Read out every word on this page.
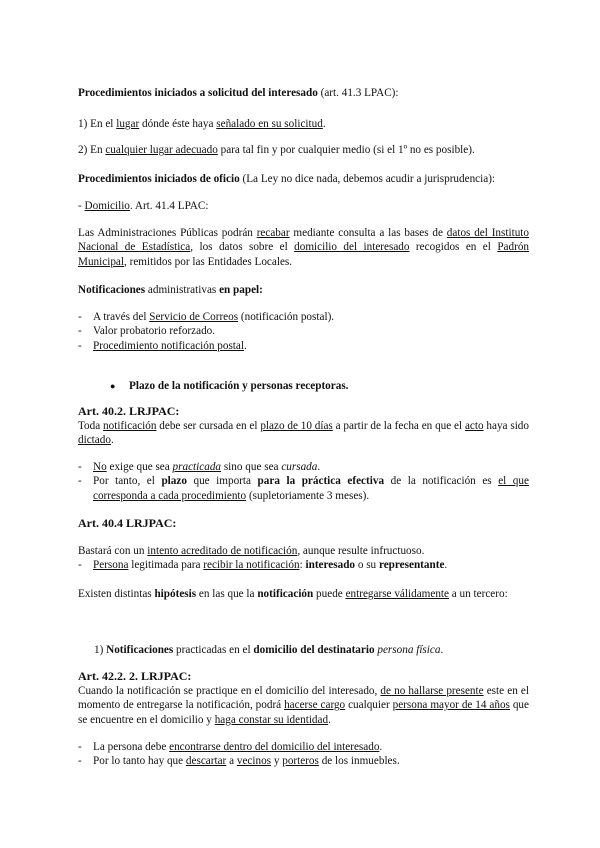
Procedimientos iniciados a solicitud del interesado (art. 41.3 LPAC):
1) En el lugar dónde éste haya señalado en su solicitud.
2) En cualquier lugar adecuado para tal fin y por cualquier medio (si el 1º no es posible).
Procedimientos iniciados de oficio (La Ley no dice nada, debemos acudir a jurisprudencia):
- Domicilio. Art. 41.4 LPAC:
Las Administraciones Públicas podrán recabar mediante consulta a las bases de datos del Instituto Nacional de Estadística, los datos sobre el domicilio del interesado recogidos en el Padrón Municipal, remitidos por las Entidades Locales.
Notificaciones administrativas en papel:
- A través del Servicio de Correos (notificación postal).
- Valor probatorio reforzado.
- Procedimiento notificación postal.
● Plazo de la notificación y personas receptoras.
Art. 40.2. LRJPAC:
Toda notificación debe ser cursada en el plazo de 10 días a partir de la fecha en que el acto haya sido dictado.
- No exige que sea practicada sino que sea cursada.
- Por tanto, el plazo que importa para la práctica efectiva de la notificación es el que corresponda a cada procedimiento (supletoriamente 3 meses).
Art. 40.4 LRJPAC:
Bastará con un intento acreditado de notificación, aunque resulte infructuoso.
- Persona legitimada para recibir la notificación: interesado o su representante.
Existen distintas hipótesis en las que la notificación puede entregarse válidamente a un tercero:
1) Notificaciones practicadas en el domicilio del destinatario persona física.
Art. 42.2. 2. LRJPAC:
Cuando la notificación se practique en el domicilio del interesado, de no hallarse presente este en el momento de entregarse la notificación, podrá hacerse cargo cualquier persona mayor de 14 años que se encuentre en el domicilio y haga constar su identidad.
- La persona debe encontrarse dentro del domicilio del interesado.
- Por lo tanto hay que descartar a vecinos y porteros de los inmuebles.
